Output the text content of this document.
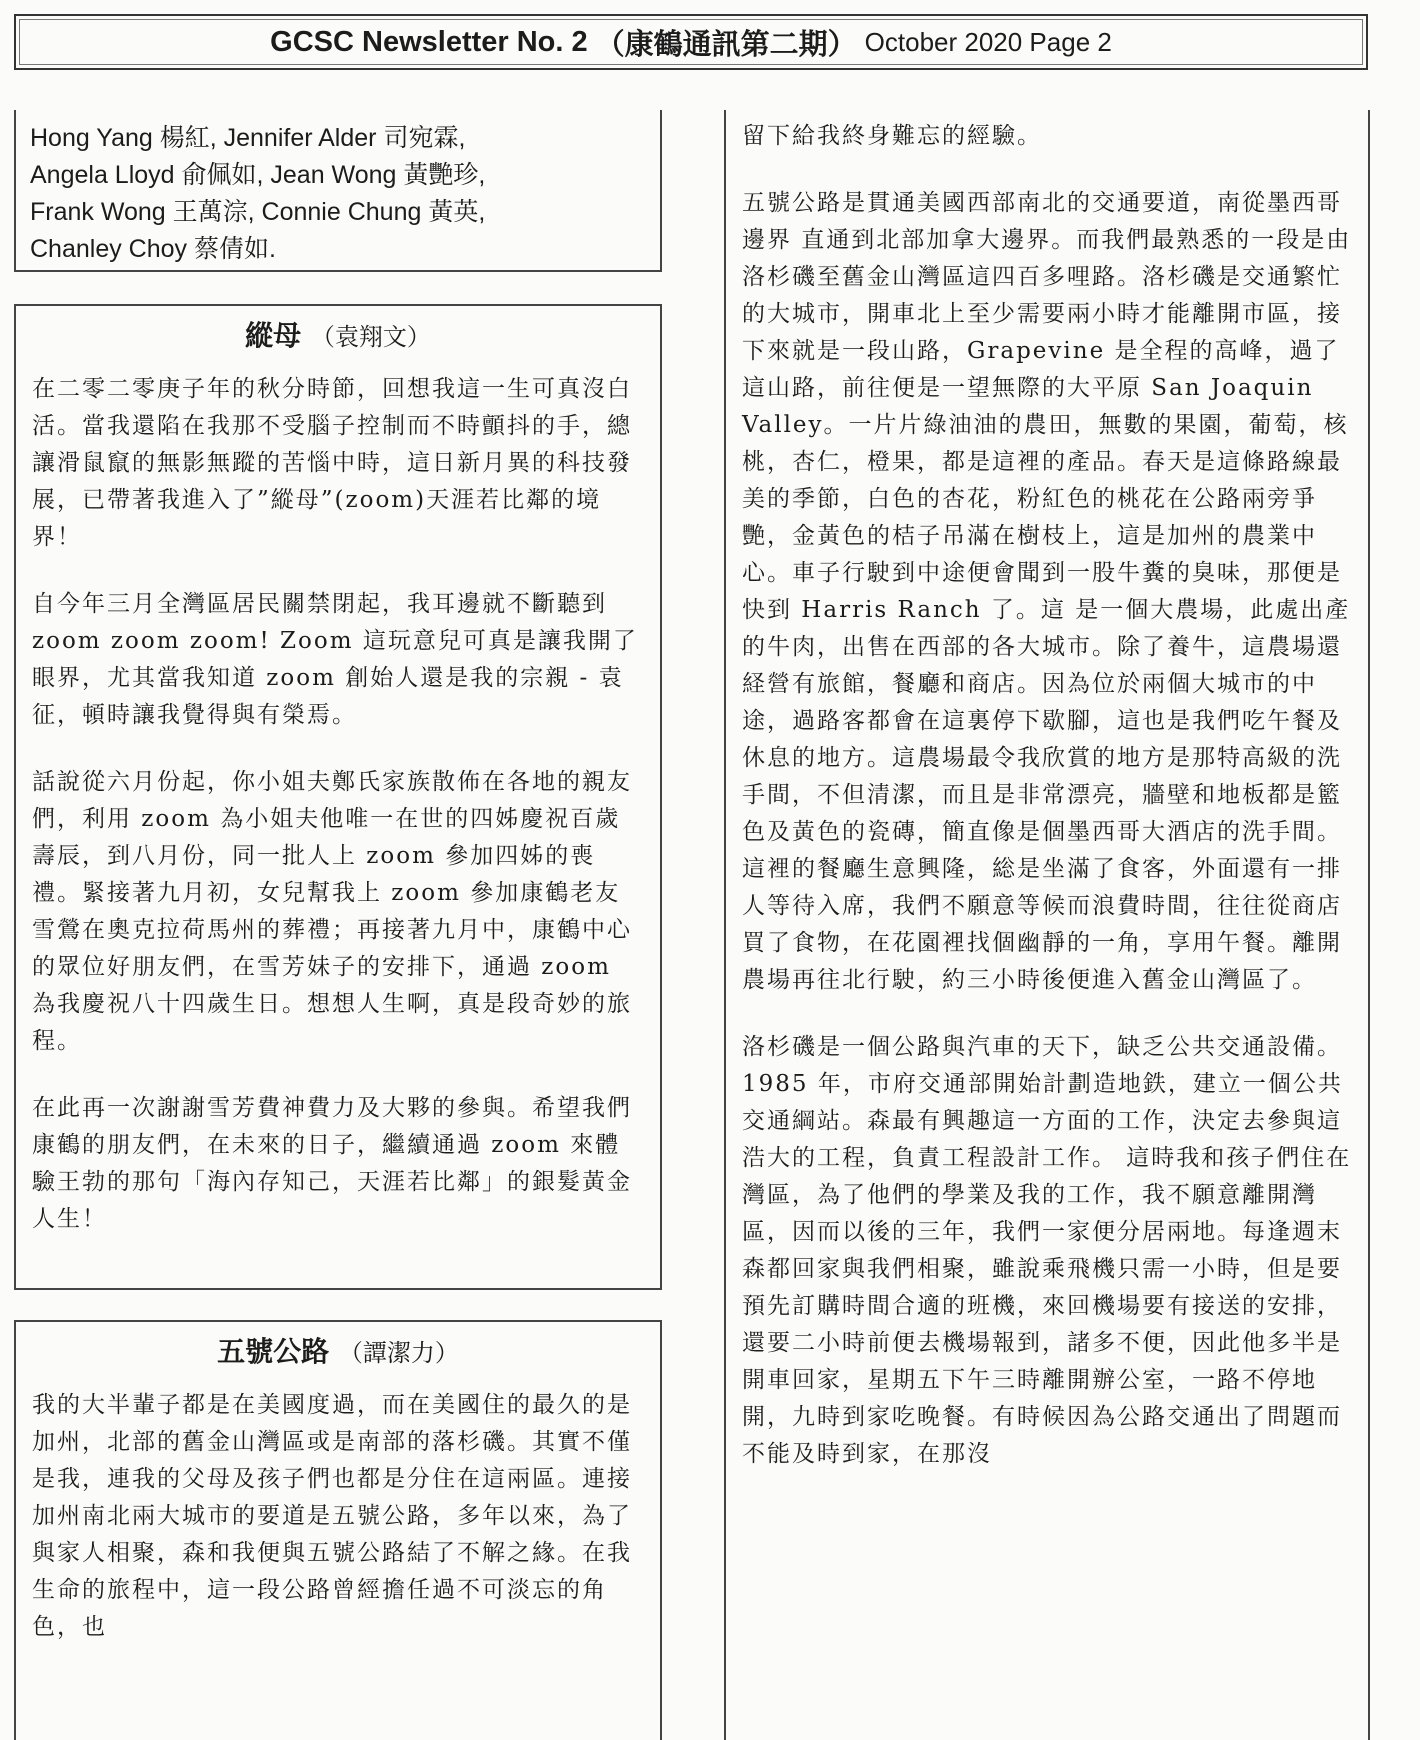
GCSC Newsletter No. 2 （康鶴通訊第二期） October 2020 Page 2

Hong Yang 楊紅, Jennifer Alder 司宛霖,

Angela Lloyd 俞佩如, Jean Wong 黃艷珍,

Frank Wong 王萬淙, Connie Chung 黃英,

Chanley Choy 蔡倩如.

縱母 （袁翔文）

在二零二零庚子年的秋分時節，回想我這一生可真沒白活。當我還陷在我那不受腦子控制而不時顫抖的手，總讓滑鼠竄的無影無蹤的苦惱中時，這日新月異的科技發展，已帶著我進入了”縱母”(zoom)天涯若比鄰的境界！

自今年三月全灣區居民關禁閉起，我耳邊就不斷聽到 zoom zoom zoom! Zoom 這玩意兒可真是讓我開了眼界，尤其當我知道 zoom 創始人還是我的宗親 - 袁征，頓時讓我覺得與有榮焉。

話說從六月份起，你小姐夫鄭氏家族散佈在各地的親友們，利用 zoom 為小姐夫他唯一在世的四姊慶祝百歲壽辰，到八月份，同一批人上 zoom 參加四姊的喪禮。緊接著九月初，女兒幫我上 zoom 參加康鶴老友雪鶯在奧克拉荷馬州的葬禮；再接著九月中，康鶴中心的眾位好朋友們，在雪芳妹子的安排下，通過 zoom 為我慶祝八十四歲生日。想想人生啊，真是段奇妙的旅程。

在此再一次謝謝雪芳費神費力及大夥的參與。希望我們康鶴的朋友們，在未來的日子，繼續通過 zoom 來體驗王勃的那句「海內存知己，天涯若比鄰」的銀髮黃金人生！

五號公路 （譚潔力）

我的大半輩子都是在美國度過，而在美國住的最久的是加州，北部的舊金山灣區或是南部的落杉磯。其實不僅是我，連我的父母及孩子們也都是分住在這兩區。連接加州南北兩大城市的要道是五號公路，多年以來，為了與家人相聚，森和我便與五號公路結了不解之緣。在我生命的旅程中，這一段公路曾經擔任過不可淡忘的角色，也

留下給我終身難忘的經驗。

五號公路是貫通美國西部南北的交通要道，南從墨西哥邊界 直通到北部加拿大邊界。而我們最熟悉的一段是由洛杉磯至舊金山灣區這四百多哩路。洛杉磯是交通繁忙的大城市，開車北上至少需要兩小時才能離開市區，接下來就是一段山路，Grapevine 是全程的高峰，過了這山路，前往便是一望無際的大平原 San Joaquin Valley。一片片綠油油的農田，無數的果園，葡萄，核桃，杏仁，橙果，都是這裡的產品。春天是這條路線最美的季節，白色的杏花，粉紅色的桃花在公路兩旁爭艷，金黃色的桔子吊滿在樹枝上，這是加州的農業中心。車子行駛到中途便會聞到一股牛糞的臭味，那便是快到 Harris Ranch 了。這 是一個大農場，此處出產的牛肉，出售在西部的各大城市。除了養牛，這農場還経營有旅館，餐廳和商店。因為位於兩個大城市的中途，過路客都會在這裏停下歇腳，這也是我們吃午餐及休息的地方。這農場最令我欣賞的地方是那特高級的洗手間，不但清潔，而且是非常漂亮，牆壁和地板都是籃色及黃色的瓷磚，簡直像是個墨西哥大酒店的洗手間。這裡的餐廳生意興隆，総是坐滿了食客，外面還有一排人等待入席，我們不願意等候而浪費時間，往往從商店買了食物，在花園裡找個幽靜的一角，享用午餐。離開農場再往北行駛，約三小時後便進入舊金山灣區了。

洛杉磯是一個公路與汽車的天下，缺乏公共交通設備。1985 年，市府交通部開始計劃造地鉄，建立一個公共交通綱站。森最有興趣這一方面的工作，決定去參與這浩大的工程，負責工程設計工作。 這時我和孩子們住在灣區，為了他們的學業及我的工作，我不願意離開灣區，因而以後的三年，我們一家便分居兩地。每逢週末森都回家與我們相聚，雖說乘飛機只需一小時，但是要預先訂購時間合適的班機，來回機場要有接送的安排，還要二小時前便去機場報到，諸多不便，因此他多半是開車回家，星期五下午三時離開辦公室，一路不停地開，九時到家吃晚餐。有時候因為公路交通出了問題而不能及時到家，在那沒
